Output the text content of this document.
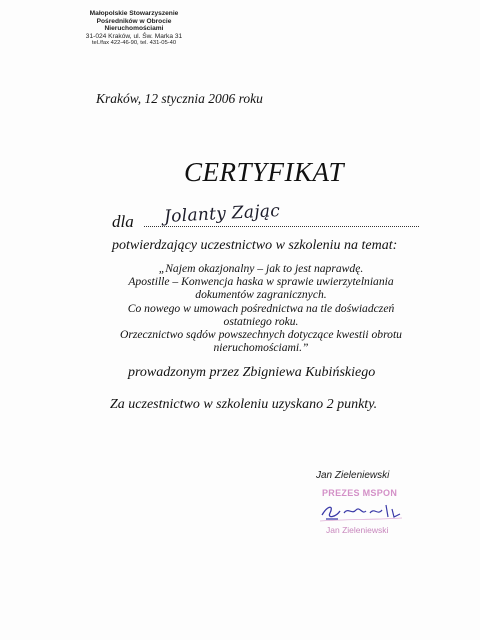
Małopolskie Stowarzyszenie
Pośredników w Obrocie
Nieruchomościami
31-024 Kraków, ul. Św. Marka 31
tel./fax 422-46-90, tel. 431-05-40
Kraków, 12 stycznia 2006 roku
CERTYFIKAT
dla Jolanty Zając
potwierdzający uczestnictwo w szkoleniu na temat:
„Najem okazjonalny – jak to jest naprawdę.
Apostille – Konwencja haska w sprawie uwierzytelniania
dokumentów zagranicznych.
Co nowego w umowach pośrednictwa na tle doświadczeń
ostatniego roku.
Orzecznictwo sądów powszechnych dotyczące kwestii obrotu
nieruchomościami.”
prowadzonym przez Zbigniewa Kubińskiego
Za uczestnictwo w szkoleniu uzyskano 2 punkty.
Jan Zieleniewski
PREZES MSPON
Jan Zieleniewski
